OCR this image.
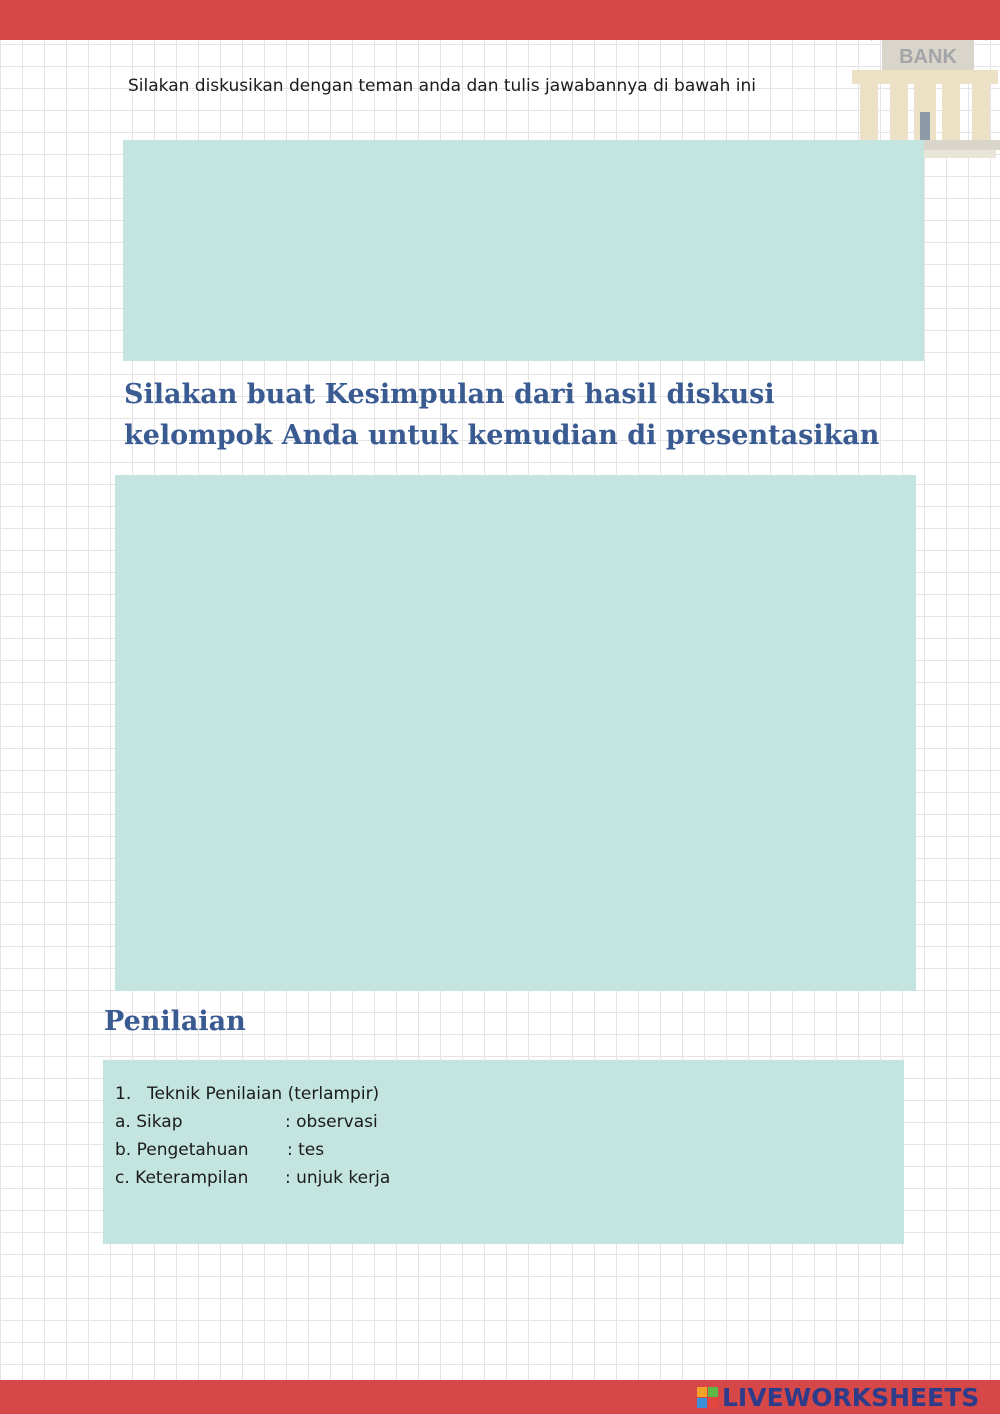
BANK

Silakan diskusikan dengan teman anda dan tulis jawabannya di bawah ini

Silakan buat Kesimpulan dari hasil diskusi
kelompok Anda untuk kemudian di presentasikan
Penilaian
1. Teknik Penilaian (terlampir)
a. Sikap	: observasi
b. Pengetahuan : tes
c. Keterampilan : unjuk kerja
LIVEWORKSHEETS
